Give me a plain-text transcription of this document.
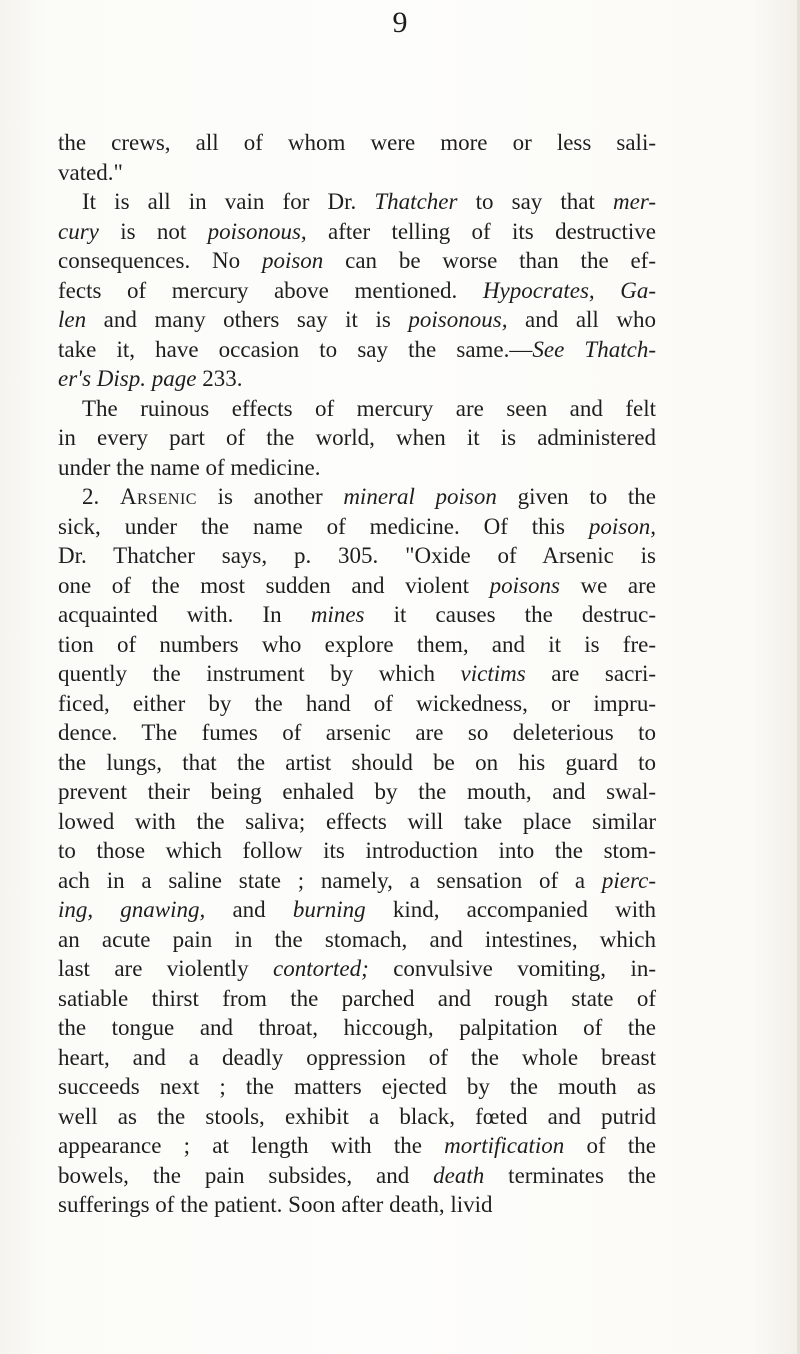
9
the crews, all of whom were more or less sali-
vated."
It is all in vain for Dr. Thatcher to say that mer-
cury is not poisonous, after telling of its destructive
consequences. No poison can be worse than the ef-
fects of mercury above mentioned. Hypocrates, Ga-
len and many others say it is poisonous, and all who
take it, have occasion to say the same.—See Thatch-
er's Disp. page 233.
The ruinous effects of mercury are seen and felt
in every part of the world, when it is administered
under the name of medicine.
2. Arsenic is another mineral poison given to the
sick, under the name of medicine. Of this poison,
Dr. Thatcher says, p. 305. "Oxide of Arsenic is
one of the most sudden and violent poisons we are
acquainted with. In mines it causes the destruc-
tion of numbers who explore them, and it is fre-
quently the instrument by which victims are sacri-
ficed, either by the hand of wickedness, or impru-
dence. The fumes of arsenic are so deleterious to
the lungs, that the artist should be on his guard to
prevent their being enhaled by the mouth, and swal-
lowed with the saliva; effects will take place similar
to those which follow its introduction into the stom-
ach in a saline state ; namely, a sensation of a pierc-
ing, gnawing, and burning kind, accompanied with
an acute pain in the stomach, and intestines, which
last are violently contorted; convulsive vomiting, in-
satiable thirst from the parched and rough state of
the tongue and throat, hiccough, palpitation of the
heart, and a deadly oppression of the whole breast
succeeds next ; the matters ejected by the mouth as
well as the stools, exhibit a black, fœted and putrid
appearance ; at length with the mortification of the
bowels, the pain subsides, and death terminates the
sufferings of the patient. Soon after death, livid
